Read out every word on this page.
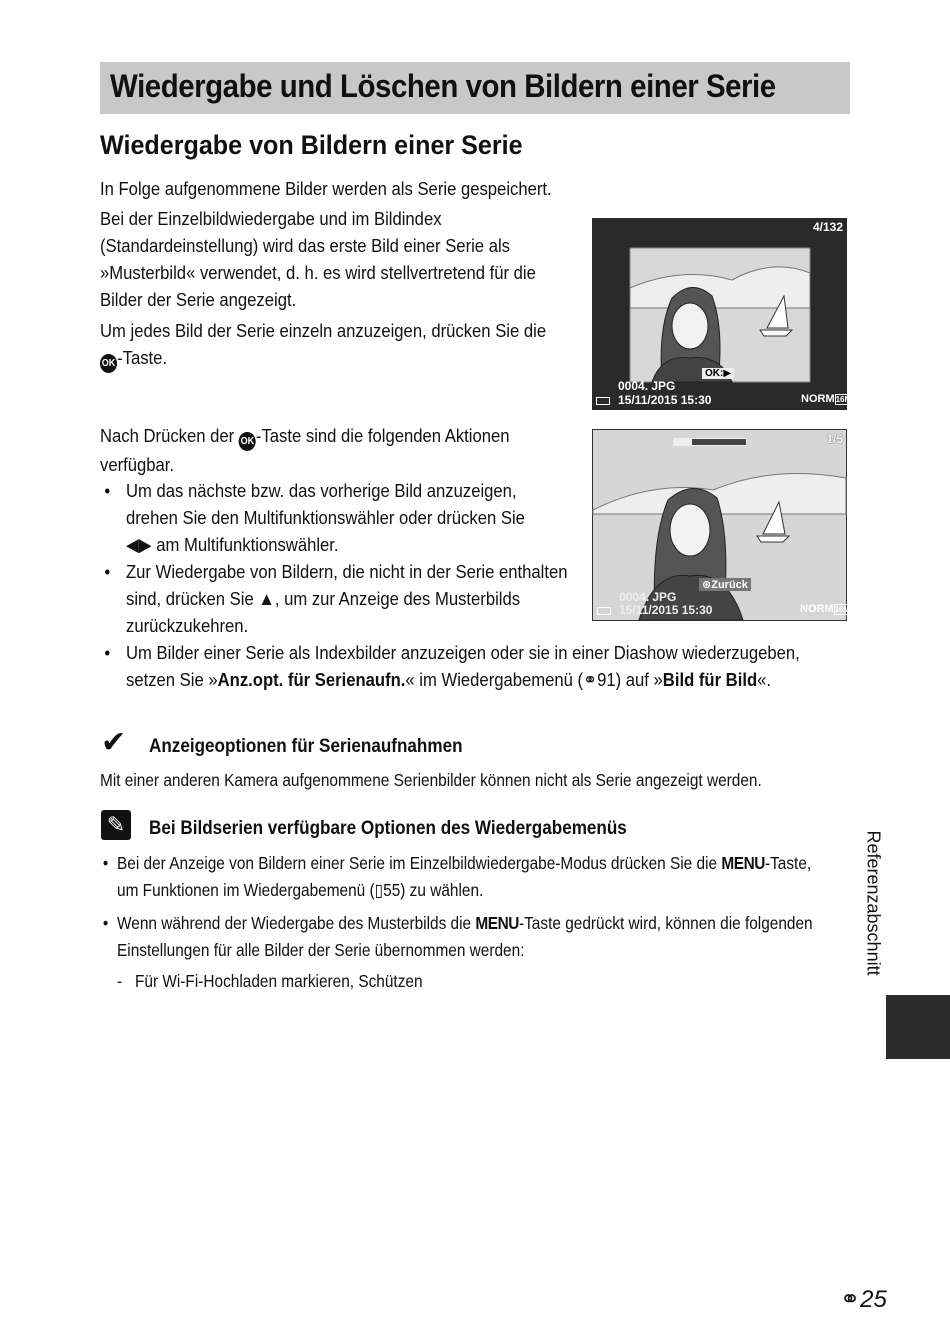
Wiedergabe und Löschen von Bildern einer Serie
Wiedergabe von Bildern einer Serie
In Folge aufgenommene Bilder werden als Serie gespeichert.
Bei der Einzelbildwiedergabe und im Bildindex
(Standardeinstellung) wird das erste Bild einer Serie als
»Musterbild« verwendet, d. h. es wird stellvertretend für die
Bilder der Serie angezeigt.
Um jedes Bild der Serie einzeln anzuzeigen, drücken Sie die
OK-Taste.
4/132
OK:▶
0004. JPG
15/11/2015 15:30	NORM16M
Nach Drücken der OK-Taste sind die folgenden Aktionen
verfügbar.
• Um das nächste bzw. das vorherige Bild anzuzeigen,
drehen Sie den Multifunktionswähler oder drücken Sie
◀▶ am Multifunktionswähler.
• Zur Wiedergabe von Bildern, die nicht in der Serie enthalten
sind, drücken Sie ▲, um zur Anzeige des Musterbilds
zurückzukehren.
• Um Bilder einer Serie als Indexbilder anzuzeigen oder sie in einer Diashow wiederzugeben,
setzen Sie »Anz.opt. für Serienaufn.« im Wiedergabemenü (⚭91) auf »Bild für Bild«.
1/5
⊛Zurück
0004. JPG
15/11/2015 15:30	NORM16M
✔	Anzeigeoptionen für Serienaufnahmen
Mit einer anderen Kamera aufgenommene Serienbilder können nicht als Serie angezeigt werden.
✎	Bei Bildserien verfügbare Optionen des Wiedergabemenüs
• Bei der Anzeige von Bildern einer Serie im Einzelbildwiedergabe-Modus drücken Sie die MENU-Taste,
um Funktionen im Wiedergabemenü (▯55) zu wählen.
• Wenn während der Wiedergabe des Musterbilds die MENU-Taste gedrückt wird, können die folgenden
Einstellungen für alle Bilder der Serie übernommen werden:
- Für Wi-Fi-Hochladen markieren, Schützen
Referenzabschnitt
⚭25
